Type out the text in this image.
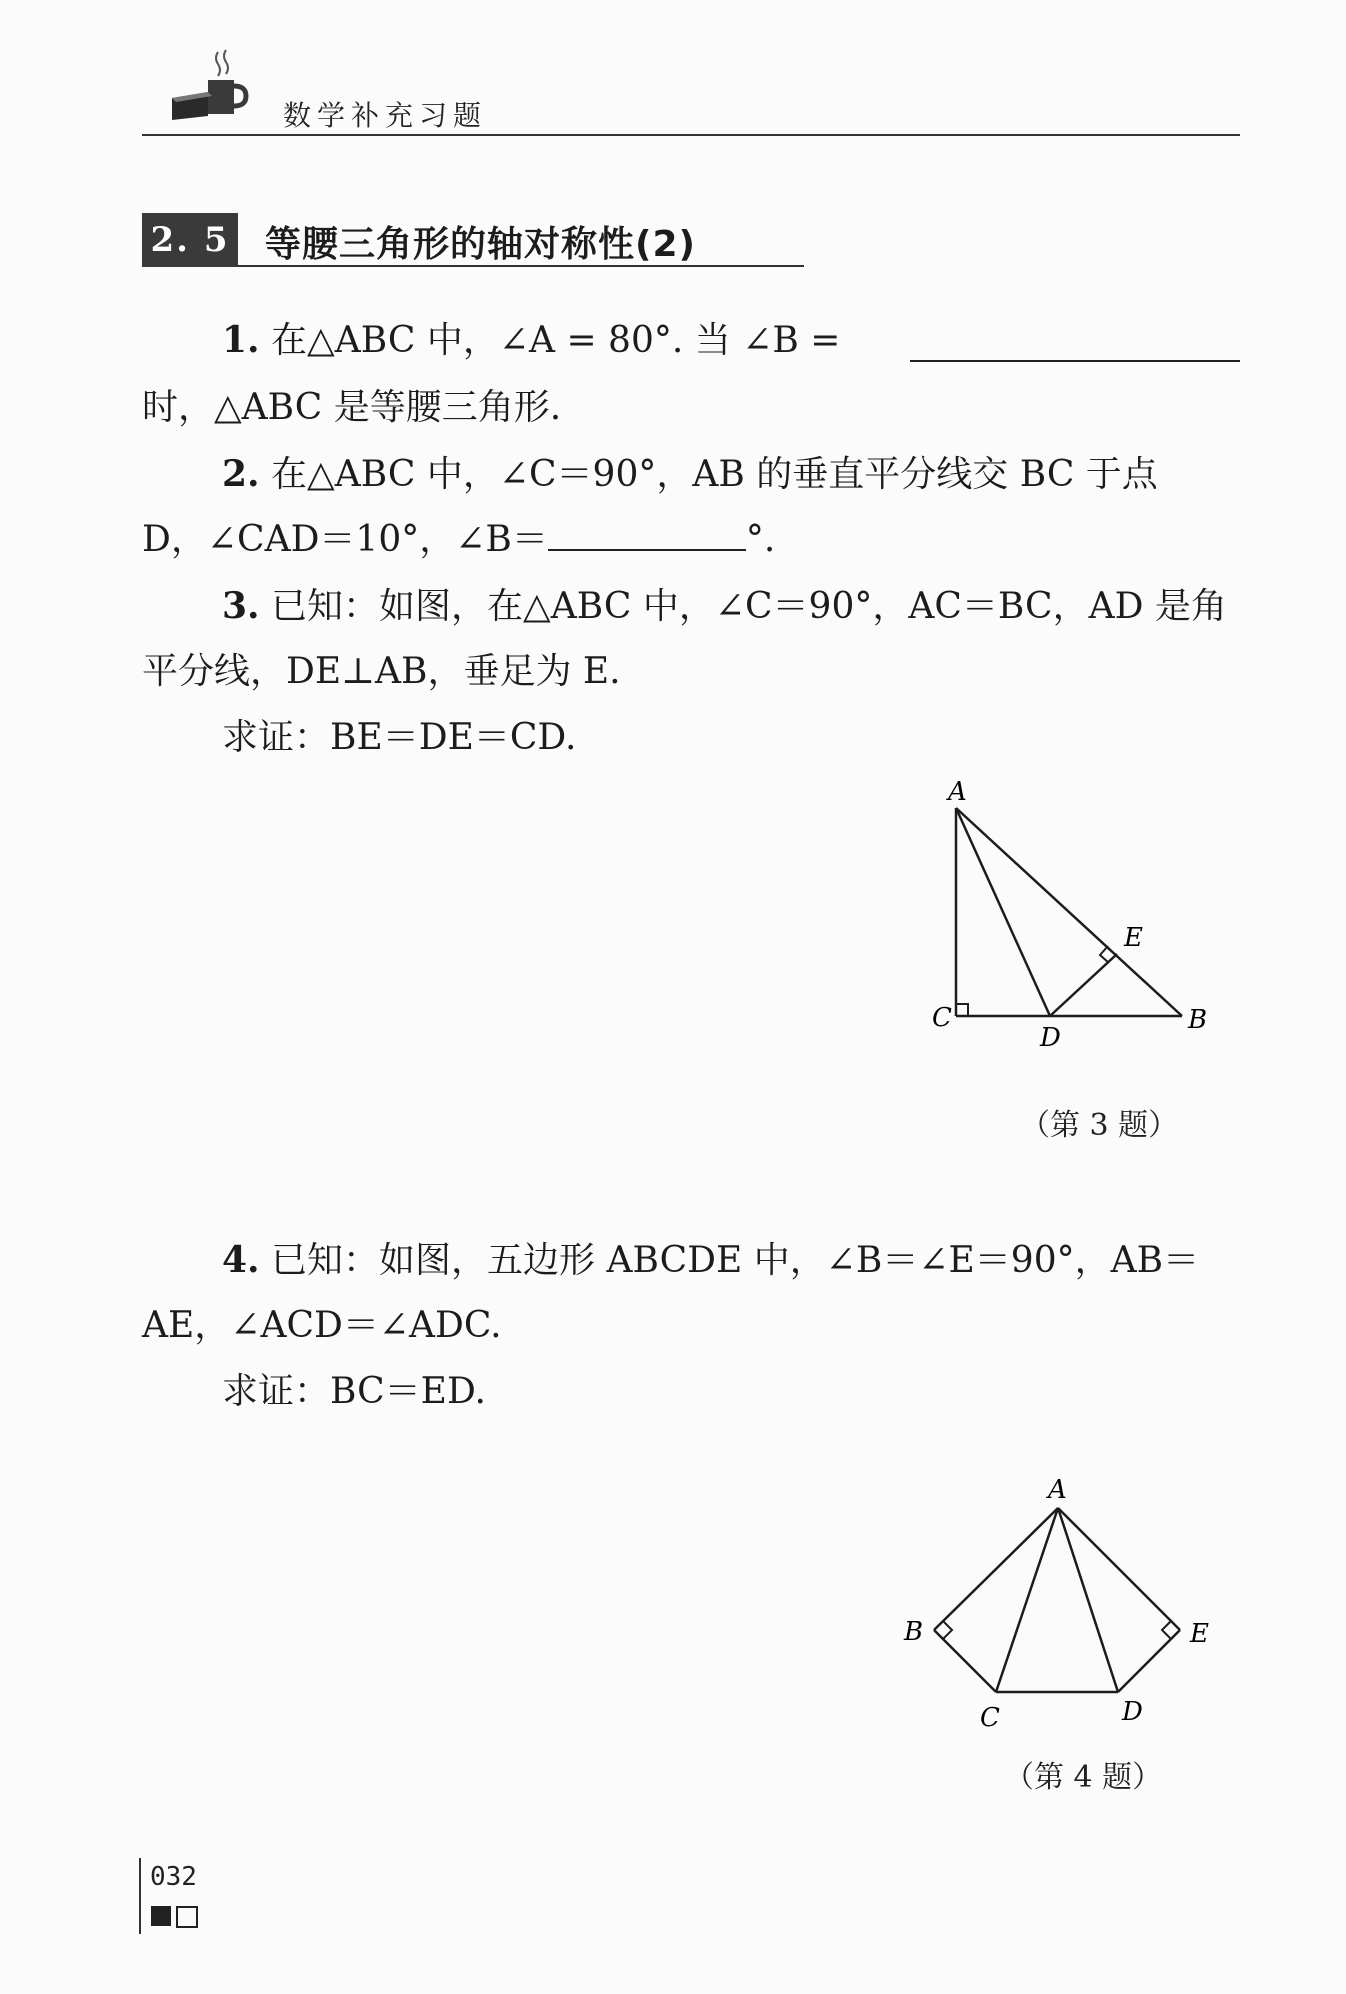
数学补充习题
2. 5 等腰三角形的轴对称性(2)
1. 在△ABC 中，∠A = 80°. 当 ∠B =
时，△ABC 是等腰三角形.
2. 在△ABC 中，∠C＝90°，AB 的垂直平分线交 BC 于点
D，∠CAD＝10°，∠B＝	°.
3. 已知：如图，在△ABC 中，∠C＝90°，AC＝BC，AD 是角
平分线，DE⊥AB，垂足为 E.
求证：BE＝DE＝CD.
A
E
C
D
B
（第 3 题）
4. 已知：如图，五边形 ABCDE 中，∠B＝∠E＝90°，AB＝
AE，∠ACD＝∠ADC.
求证：BC＝ED.
A
B	E
C	D
（第 4 题）
032
